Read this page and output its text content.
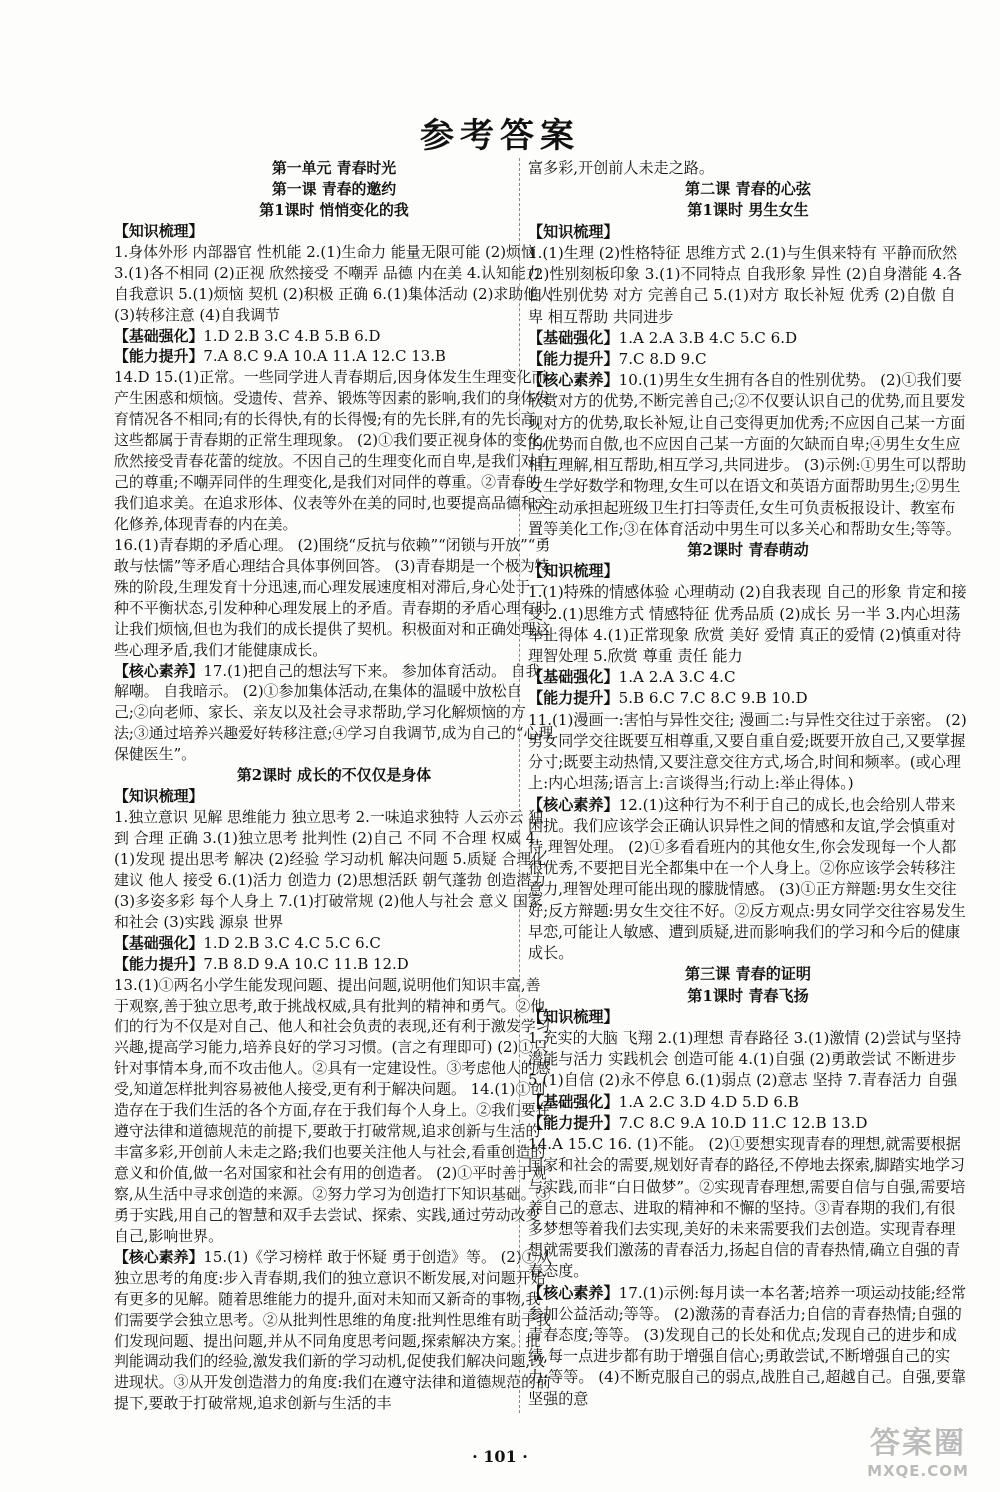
参考答案

第一单元 青春时光

第一课 青春的邀约

第1课时 悄悄变化的我

【 知识梳理 】

1.身体外形 内部器官 性机能 2.(1)生命力 能量无限可能 (2)烦恼 3.(1)各不相同 (2)正视 欣然接受 不嘲弄 品德 内在美 4.认知能力 自我意识 5.(1)烦恼 契机 (2)积极 正确 6.(1)集体活动 (2)求助他人 (3)转移注意 (4)自我调节

【 基础强化 】 1.D 2.B 3.C 4.B 5.B 6.D

【 能力提升 】 7.A 8.C 9.A 10.A 11.A 12.C 13.B

14.D 15.(1)正常。一些同学进人青春期后,因身体发生生理变化而产生困惑和烦恼。受遗传、营养、锻炼等因素的影响,我们的身体发育情况各不相同;有的长得快,有的长得慢;有的先长胖,有的先长高,这些都属于青春期的正常生理现象。 (2)①我们要正视身体的变化,欣然接受青春花蕾的绽放。不因自己的生理变化而自卑,是我们对自己的尊重;不嘲弄同伴的生理变化,是我们对同伴的尊重。②青春的我们追求美。在追求形体、仪表等外在美的同时,也要提高品德和文化修养,体现青春的内在美。

16.(1)青春期的矛盾心理。 (2)围绕“反抗与依赖”“闭锁与开放”“勇敢与怯懦”等矛盾心理结合具体事例回答。 (3)青春期是一个极为特殊的阶段,生理发育十分迅速,而心理发展速度相对滞后,身心处于一种不平衡状态,引发种种心理发展上的矛盾。青春期的矛盾心理有时让我们烦恼,但也为我们的成长提供了契机。积极面对和正确处理这些心理矛盾,我们才能健康成长。

【 核心素养 】 17.(1)把自己的想法写下来。 参加体育活动。 自我解嘲。 自我暗示。 (2)①参加集体活动,在集体的温暖中放松自己;②向老师、家长、亲友以及社会寻求帮助,学习化解烦恼的方法;③通过培养兴趣爱好转移注意;④学习自我调节,成为自己的“心理保健医生”。

第2课时 成长的不仅仅是身体

【 知识梳理 】

1.独立意识 见解 思维能力 独立思考 2.一味追求独特 人云亦云 独到 合理 正确 3.(1)独立思考 批判性 (2)自己 不同 不合理 权威 4.(1)发现 提出思考 解决 (2)经验 学习动机 解决问题 5.质疑 合理化建议 他人 接受 6.(1)活力 创造力 (2)思想活跃 朝气蓬勃 创造潜力 (3)多姿多彩 每个人身上 7.(1)打破常规 (2)他人与社会 意义 国家和社会 (3)实践 源泉 世界

【 基础强化 】 1.D 2.B 3.C 4.C 5.C 6.C

【 能力提升 】 7.B 8.D 9.A 10.C 11.B 12.D

13.(1)①两名小学生能发现问题、提出问题,说明他们知识丰富,善于观察,善于独立思考,敢于挑战权威,具有批判的精神和勇气。②他们的行为不仅是对自己、他人和社会负责的表现,还有利于激发学习兴趣,提高学习能力,培养良好的学习习惯。(言之有理即可) (2)①只针对事情本身,而不攻击他人。②具有一定建设性。③考虑他人的感受,知道怎样批判容易被他人接受,更有利于解决问题。 14.(1)①创造存在于我们生活的各个方面,存在于我们每个人身上。②我们要在遵守法律和道德规范的前提下,要敢于打破常规,追求创新与生活的丰富多彩,开创前人未走之路;我们也要关注他人与社会,看重创造的意义和价值,做一名对国家和社会有用的创造者。 (2)①平时善于观察,从生活中寻求创造的来源。②努力学习为创造打下知识基础。③勇于实践,用自己的智慧和双手去尝试、探索、实践,通过劳动改变自己,影响世界。

【 核心素养 】 15.(1)《学习榜样 敢于怀疑 勇于创造》等。 (2)①从独立思考的角度:步入青春期,我们的独立意识不断发展,对问题开始有更多的见解。随着思维能力的提升,面对未知而又新奇的事物,我们需要学会独立思考。②从批判性思维的角度:批判性思维有助于我们发现问题、提出问题,并从不同角度思考问题,探索解决方案。批判能调动我们的经验,激发我们新的学习动机,促使我们解决问题,改进现状。③从开发创造潜力的角度:我们在遵守法律和道德规范的前提下,要敢于打破常规,追求创新与生活的丰

富多彩,开创前人未走之路。

第二课 青春的心弦

第1课时 男生女生

【 知识梳理 】

1.(1)生理 (2)性格特征 思维方式 2.(1)与生俱来特有 平静而欣然 (2)性别刻板印象 3.(1)不同特点 自我形象 异性 (2)自身潜能 4.各自 性别优势 对方 完善自己 5.(1)对方 取长补短 优秀 (2)自傲 自卑 相互帮助 共同进步

【 基础强化 】 1.A 2.A 3.B 4.C 5.C 6.D

【 能力提升 】 7.C 8.D 9.C

【 核心素养 】 10.(1)男生女生拥有各自的性别优势。 (2)①我们要欣赏对方的优势,不断完善自己;②不仅要认识自己的优势,而且要发现对方的优势,取长补短,让自己变得更加优秀;不应因自己某一方面的优势而自傲,也不应因自己某一方面的欠缺而自卑;④男生女生应相互理解,相互帮助,相互学习,共同进步。 (3)示例:①男生可以帮助女生学好数学和物理,女生可以在语文和英语方面帮助男生;②男生应主动承担起班级卫生打扫等责任,女生可负责板报设计、教室布置等美化工作;③在体育活动中男生可以多关心和帮助女生;等等。

第2课时 青春萌动

【 知识梳理 】

1.(1)特殊的情感体验 心理萌动 (2)自我表现 自己的形象 肯定和接受 2.(1)思维方式 情感特征 优秀品质 (2)成长 另一半 3.内心坦荡 举止得体 4.(1)正常现象 欣赏 美好 爱情 真正的爱情 (2)慎重对待 理智处理 5.欣赏 尊重 责任 能力

【 基础强化 】 1.A 2.A 3.C 4.C

【 能力提升 】 5.B 6.C 7.C 8.C 9.B 10.D

11.(1)漫画一:害怕与异性交往; 漫画二:与异性交往过于亲密。 (2)男女同学交往既要互相尊重,又要自重自爱;既要开放自己,又要掌握分寸;既要主动热情,又要注意交往方式,场合,时间和频率。(或心理上:内心坦荡;语言上:言谈得当;行动上:举止得体。)

【 核心素养 】 12.(1)这种行为不利于自己的成长,也会给别人带来困扰。我们应该学会正确认识异性之间的情感和友谊,学会慎重对待,理智处理。 (2)①多看看班内的其他女生,你会发现每一个人都很优秀,不要把目光全都集中在一个人身上。②你应该学会转移注意力,理智处理可能出现的朦胧情感。 (3)①正方辩题:男女生交往好;反方辩题:男女生交往不好。②反方观点:男女同学交往容易发生早恋,可能让人敏感、遭到质疑,进而影响我们的学习和今后的健康成长。

第三课 青春的证明

第1课时 青春飞扬

【 知识梳理 】

1.充实的大脑 飞翔 2.(1)理想 青春路径 3.(1)激情 (2)尝试与坚持 潜能与活力 实践机会 创造可能 4.(1)自强 (2)勇敢尝试 不断进步 5.(1)自信 (2)永不停息 6.(1)弱点 (2)意志 坚持 7.青春活力 自强

【 基础强化 】 1.A 2.C 3.D 4.D 5.D 6.B

【 能力提升 】 7.C 8.C 9.A 10.D 11.C 12.B 13.D

14.A 15.C 16. (1)不能。 (2)①要想实现青春的理想,就需要根据国家和社会的需要,规划好青春的路径,不停地去探索,脚踏实地学习与实践,而非“白日做梦”。②实现青春理想,需要自信与自强,需要培养自己的意志、进取的精神和不懈的坚持。③青春期的我们,有很多梦想等着我们去实现,美好的未来需要我们去创造。实现青春理想就需要我们激荡的青春活力,扬起自信的青春热情,确立自强的青春态度。

【 核心素养 】 17.(1)示例:每月读一本名著;培养一项运动技能;经常参加公益活动;等等。 (2)激荡的青春活力;自信的青春热情;自强的青春态度;等等。 (3)发现自己的长处和优点;发现自己的进步和成绩,每一点进步都有助于增强自信心;勇敢尝试,不断增强自己的实力;等等。 (4)不断克服自己的弱点,战胜自己,超越自己。自强,要靠坚强的意

· 101 ·	答案圈
MXQE.COM
